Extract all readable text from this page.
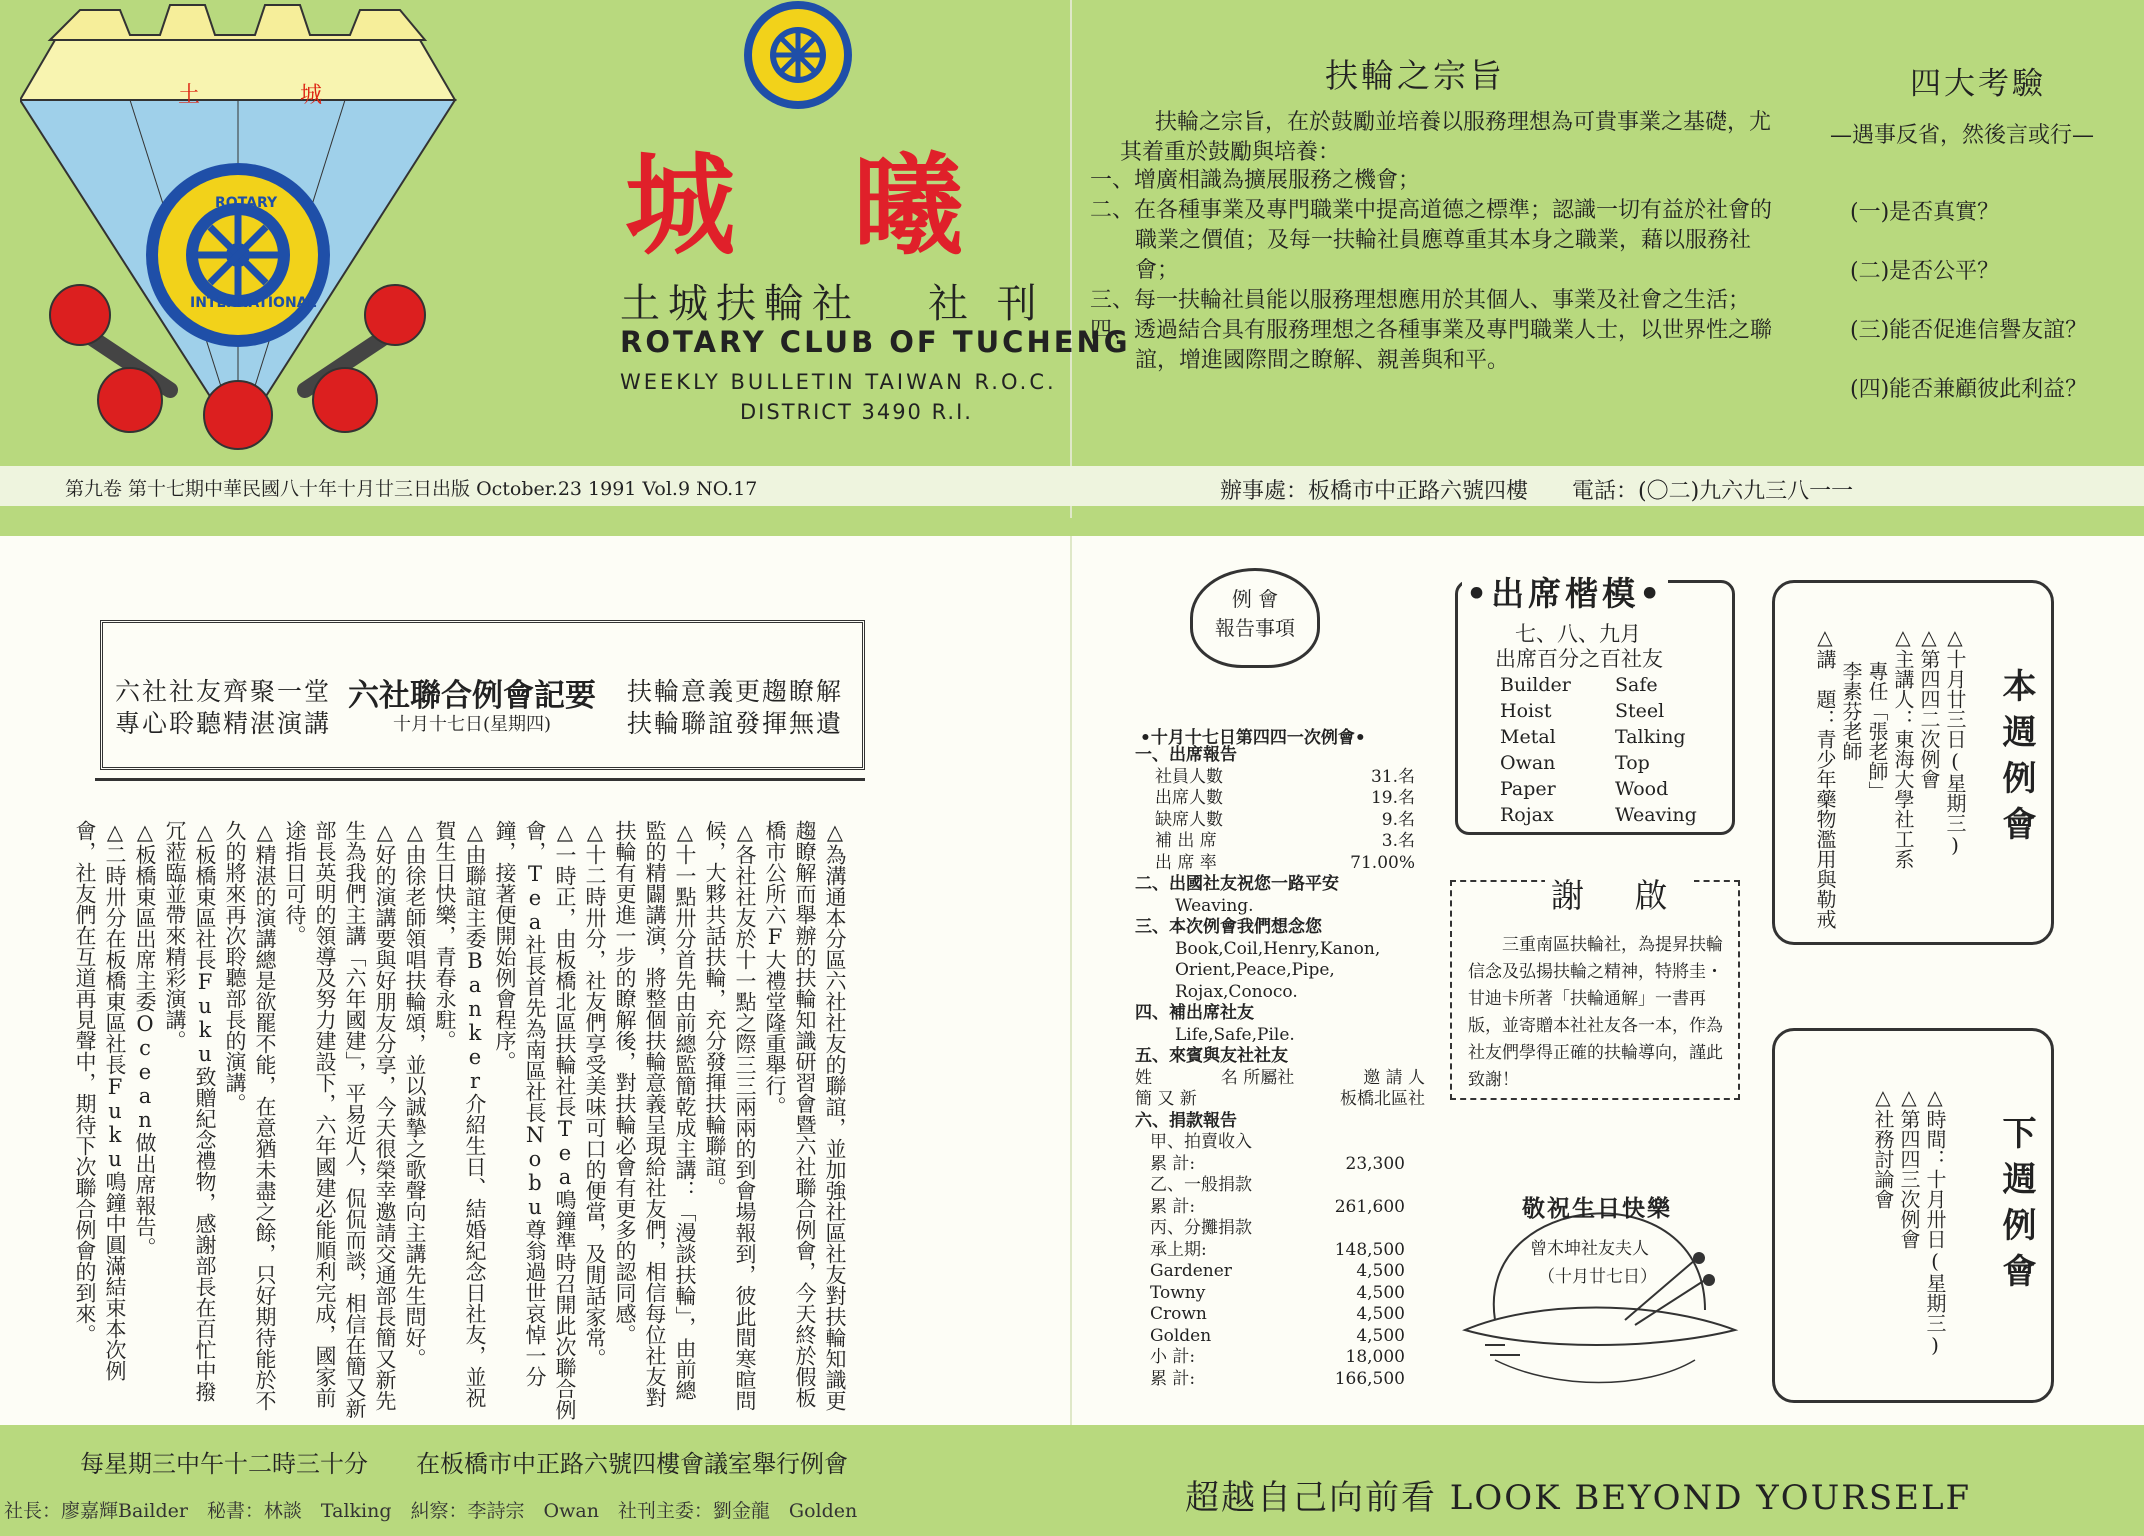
土	城
ROTARY
INTERNATIONAL
城 曦
土城扶輪社 社 刊
ROTARY CLUB OF TUCHENG
WEEKLY BULLETIN TAIWAN R.O.C.
DISTRICT 3490 R.I.
扶輪之宗旨
扶輪之宗旨，在於鼓勵並培養以服務理想為可貴事業之基礎，尤其着重於鼓勵與培養：
一、增廣相識為擴展服務之機會；
二、在各種事業及專門職業中提高道德之標準；認識一切有益於社會的職業之價值；及每一扶輪社員應尊重其本身之職業，藉以服務社會；
三、每一扶輪社員能以服務理想應用於其個人、事業及社會之生活；
四、透過結合具有服務理想之各種事業及專門職業人士，以世界性之聯誼，增進國際間之瞭解、親善與和平。
四大考驗
—遇事反省，然後言或行—
(一)是否真實？
(二)是否公平？
(三)能否促進信譽友誼？
(四)能否兼顧彼此利益？
第九卷 第十七期中華民國八十年十月廿三日出版 October.23 1991 Vol.9 NO.17	辦事處：板橋市中正路六號四樓　　電話：(〇二)九六九三八一一
六社社友齊聚一堂
專心聆聽精湛演講
六社聯合例會記要
十月十七日(星期四)
扶輪意義更趨瞭解
扶輪聯誼發揮無遺

△為溝通本分區六社社友的聯誼，並加強社區社友對扶輪知識更趨瞭解而舉辦的扶輪知識研習會暨六社聯合例會，今天終於假板橋市公所六F大禮堂隆重舉行。

△各社社友於十一點之際三三兩兩的到會場報到，彼此間寒暄問候，大夥共話扶輪，充分發揮扶輪聯誼。

△十一點卅分首先由前總監簡乾成主講：「漫談扶輪」，由前總監的精闢講演，將整個扶輪意義呈現給社友們，相信每位社友對扶輪有更進一步的瞭解後，對扶輪必會有更多的認同感。

△十二時卅分，社友們享受美味可口的便當，及閒話家常。

△一時正，由板橋北區扶輪社長Tea鳴鐘準時召開此次聯合例會，Tea社長首先為南區社長Nobu尊翁過世哀悼一分鐘，接著便開始例會程序。

△由聯誼主委Banker介紹生日、結婚紀念日社友，並祝賀生日快樂，青春永駐。

△由徐老師領唱扶輪頌，並以誠摯之歌聲向主講先生問好。

△好的演講要與好朋友分享，今天很榮幸邀請交通部長簡又新先生為我們主講「六年國建」，平易近人，侃侃而談，相信在簡又新部長英明的領導及努力建設下，六年國建必能順利完成，國家前途指日可待。

△精湛的演講總是欲罷不能，在意猶未盡之餘，只好期待能於不久的將來再次聆聽部長的演講。

△板橋東區社長Fuku致贈紀念禮物，感謝部長在百忙中撥冗蒞臨並帶來精彩演講。

△板橋東區出席主委Ocean做出席報告。

△二時卅分在板橋東區社長Fuku鳴鐘中圓滿結束本次例會，社友們在互道再見聲中，期待下次聯合例會的到來。

例 會
報告事項
•十月十七日第四四一次例會•
一、出席報告
社員人數	31.名
出席人數	19.名
缺席人數	9.名
補 出 席	3.名
出 席 率	71.00%
二、出國社友祝您一路平安
Weaving.
三、本次例會我們想念您
Book,Coil,Henry,Kanon,
Orient,Peace,Pipe,
Rojax,Conoco.
四、補出席社友
Life,Safe,Pile.
五、來賓與友社社友
姓	名 所屬社	邀 請 人
簡 又 新	板橋北區社
六、捐款報告
甲、拍賣收入
累 計:	23,300
乙、一般捐款
累 計:	261,600
丙、分攤捐款
承上期:	148,500
Gardener	4,500
Towny	4,500
Crown	4,500
Golden	4,500
小 計:	18,000
累 計:	166,500
•出席楷模•
七、八、九月
出席百分之百社友
Builder	Safe
Hoist	Steel
Metal	Talking
Owan	Top
Paper	Wood
Rojax	Weaving
謝 啟
三重南區扶輪社，為提昇扶輪信念及弘揚扶輪之精神，特將圭・甘迪卡所著「扶輪通解」一書再版，並寄贈本社社友各一本，作為社友們學得正確的扶輪導向，謹此致謝！
敬祝生日快樂
曾木坤社友夫人
（十月廿七日）
△十月廿三日(星期三)
△第四四二次例會
△主講人：東海大學社工系
專任「張老師」
李素芬老師
△講　題：青少年藥物濫用與勒戒	本週例會
△時間：十月卅日(星期三)
△第四四三次例會
△社務討論會	下週例會
每星期三中午十二時三十分　　在板橋市中正路六號四樓會議室舉行例會
社長：廖嘉輝Bailder　秘書：林談　Talking　糾察：李詩宗　Owan　社刊主委：劉金龍　Golden	超越自己向前看 LOOK BEYOND YOURSELF
